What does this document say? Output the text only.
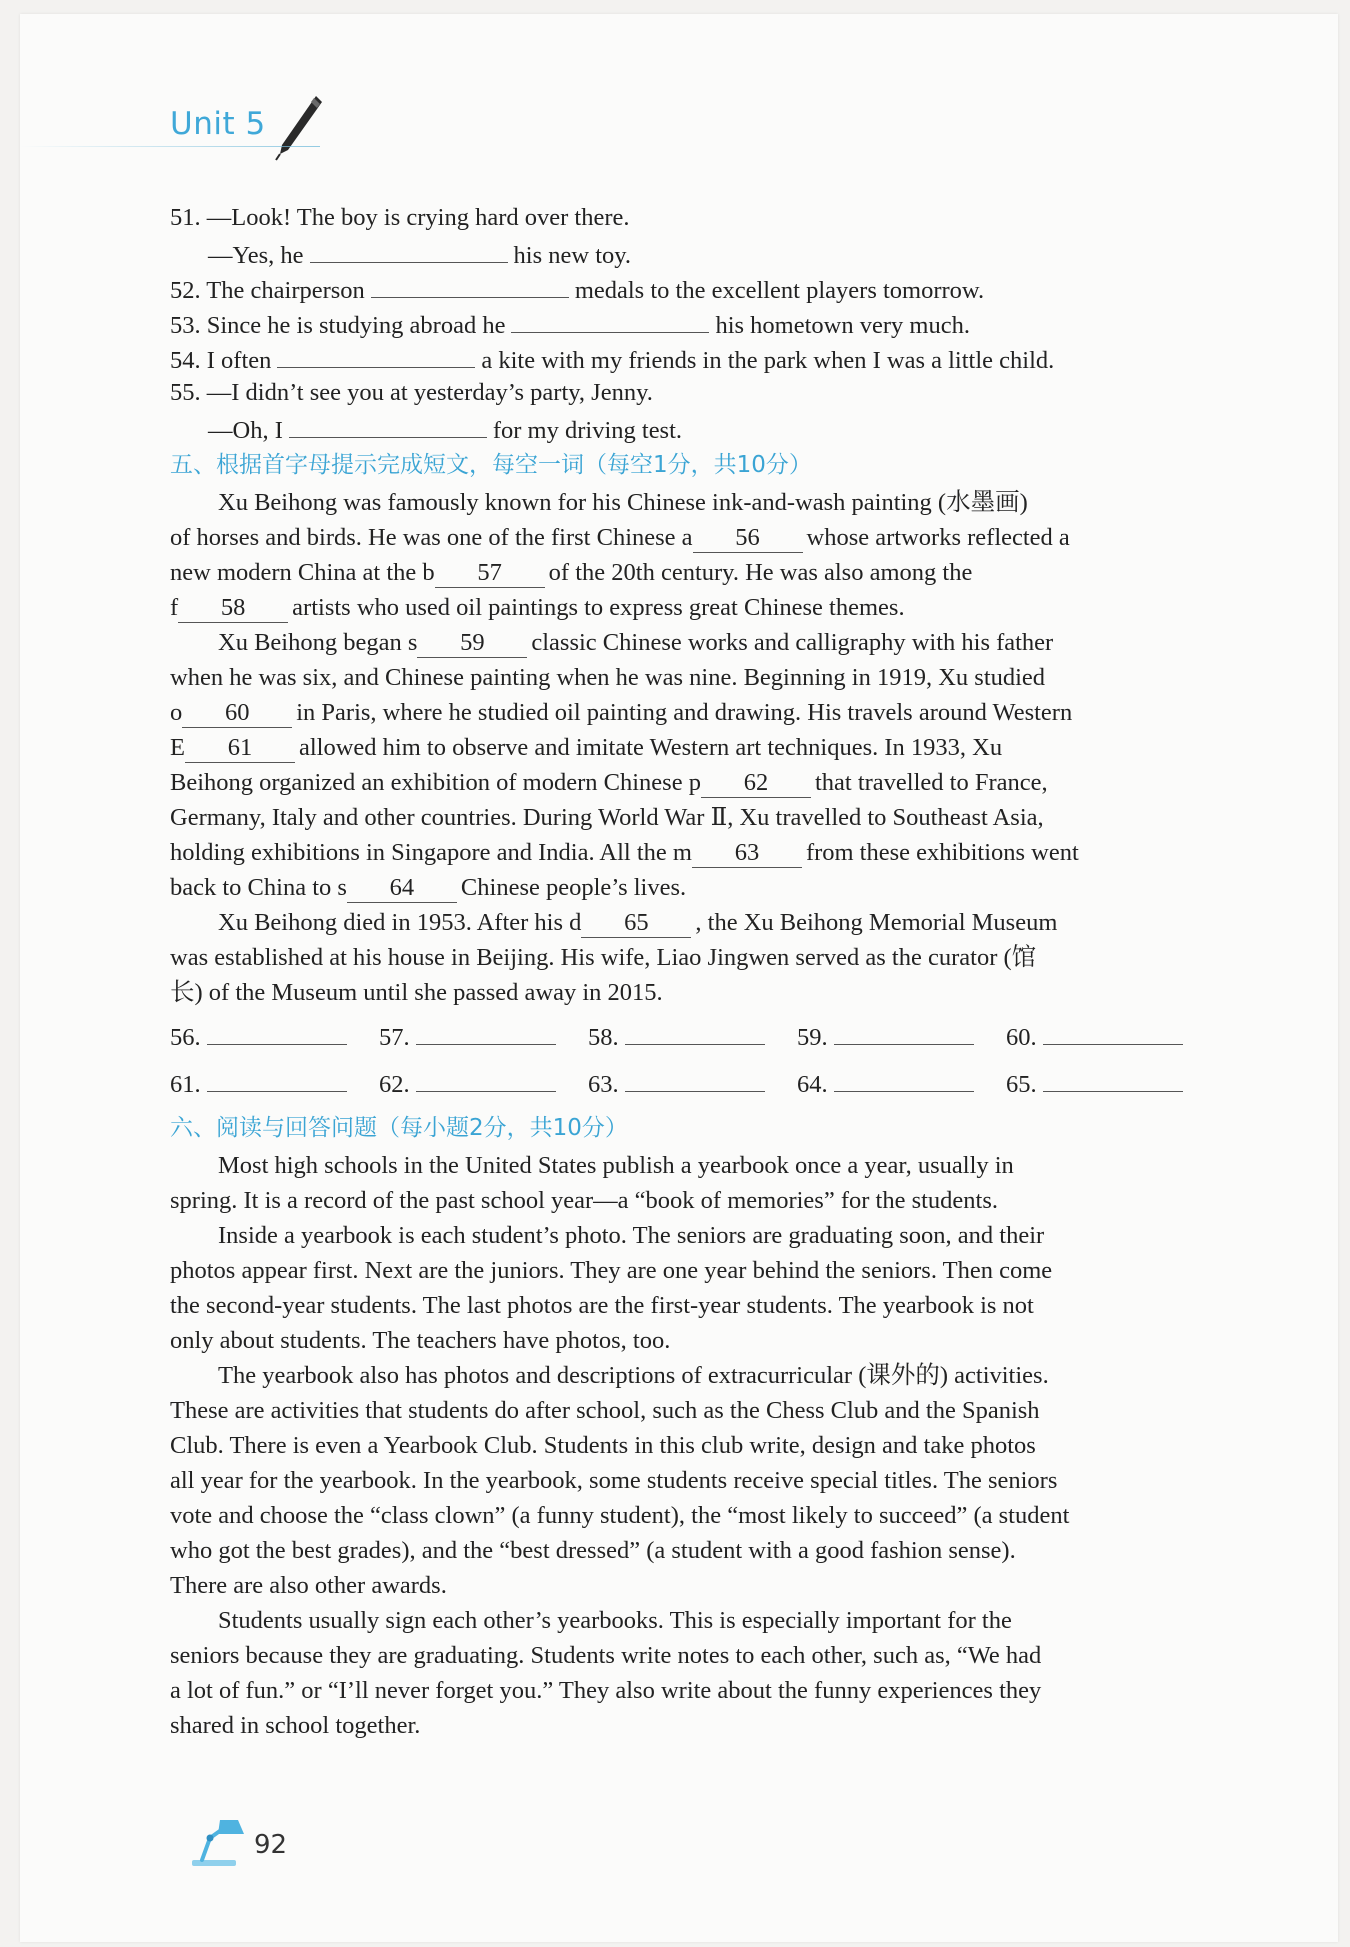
Unit 5
51. —Look! The boy is crying hard over there.
—Yes, he	his new toy.
52. The chairperson	medals to the excellent players tomorrow.
53. Since he is studying abroad he	his hometown very much.
54. I often	a kite with my friends in the park when I was a little child.
55. —I didn’t see you at yesterday’s party, Jenny.
—Oh, I	for my driving test.
五、根据首字母提示完成短文，每空一词（每空1分，共10分）
Xu Beihong was famously known for his Chinese ink-and-wash painting (水墨画)
of horses and birds. He was one of the first Chinese a 56 whose artworks reflected a
new modern China at the b 57 of the 20th century. He was also among the
f 58 artists who used oil paintings to express great Chinese themes.
Xu Beihong began s 59 classic Chinese works and calligraphy with his father
when he was six, and Chinese painting when he was nine. Beginning in 1919, Xu studied
o 60 in Paris, where he studied oil painting and drawing. His travels around Western
E 61 allowed him to observe and imitate Western art techniques. In 1933, Xu
Beihong organized an exhibition of modern Chinese p 62 that travelled to France,
Germany, Italy and other countries. During World War Ⅱ, Xu travelled to Southeast Asia,
holding exhibitions in Singapore and India. All the m 63 from these exhibitions went
back to China to s 64 Chinese people’s lives.
Xu Beihong died in 1953. After his d 65 , the Xu Beihong Memorial Museum
was established at his house in Beijing. His wife, Liao Jingwen served as the curator (馆
长) of the Museum until she passed away in 2015.
56.	57.	58.	59.	60.
61.	62.	63.	64.	65.
六、阅读与回答问题（每小题2分，共10分）
Most high schools in the United States publish a yearbook once a year, usually in
spring. It is a record of the past school year—a “book of memories” for the students.
Inside a yearbook is each student’s photo. The seniors are graduating soon, and their
photos appear first. Next are the juniors. They are one year behind the seniors. Then come
the second-year students. The last photos are the first-year students. The yearbook is not
only about students. The teachers have photos, too.
The yearbook also has photos and descriptions of extracurricular (课外的) activities.
These are activities that students do after school, such as the Chess Club and the Spanish
Club. There is even a Yearbook Club. Students in this club write, design and take photos
all year for the yearbook. In the yearbook, some students receive special titles. The seniors
vote and choose the “class clown” (a funny student), the “most likely to succeed” (a student
who got the best grades), and the “best dressed” (a student with a good fashion sense).
There are also other awards.
Students usually sign each other’s yearbooks. This is especially important for the
seniors because they are graduating. Students write notes to each other, such as, “We had
a lot of fun.” or “I’ll never forget you.” They also write about the funny experiences they
shared in school together.
92
